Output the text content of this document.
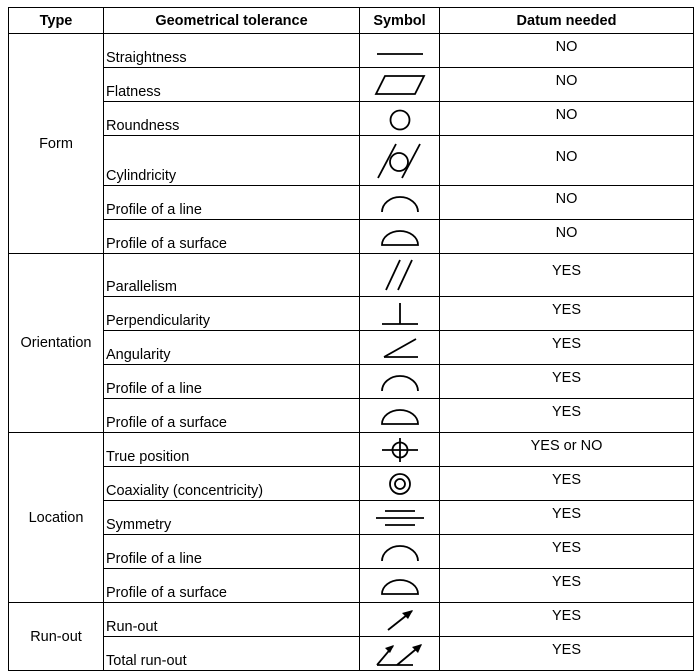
Type	Geometrical tolerance	Symbol	Datum needed
Form	Straightness		NO
	Flatness		NO
	Roundness		NO
	Cylindricity		NO
	Profile of a line		NO
	Profile of a surface		NO
Orientation	Parallelism		YES
	Perpendicularity		YES
	Angularity		YES
	Profile of a line		YES
	Profile of a surface		YES
Location	True position		YES or NO
	Coaxiality (concentricity)		YES
	Symmetry		YES
	Profile of a line		YES
	Profile of a surface		YES
Run-out	Run-out		YES
	Total run-out		YES
